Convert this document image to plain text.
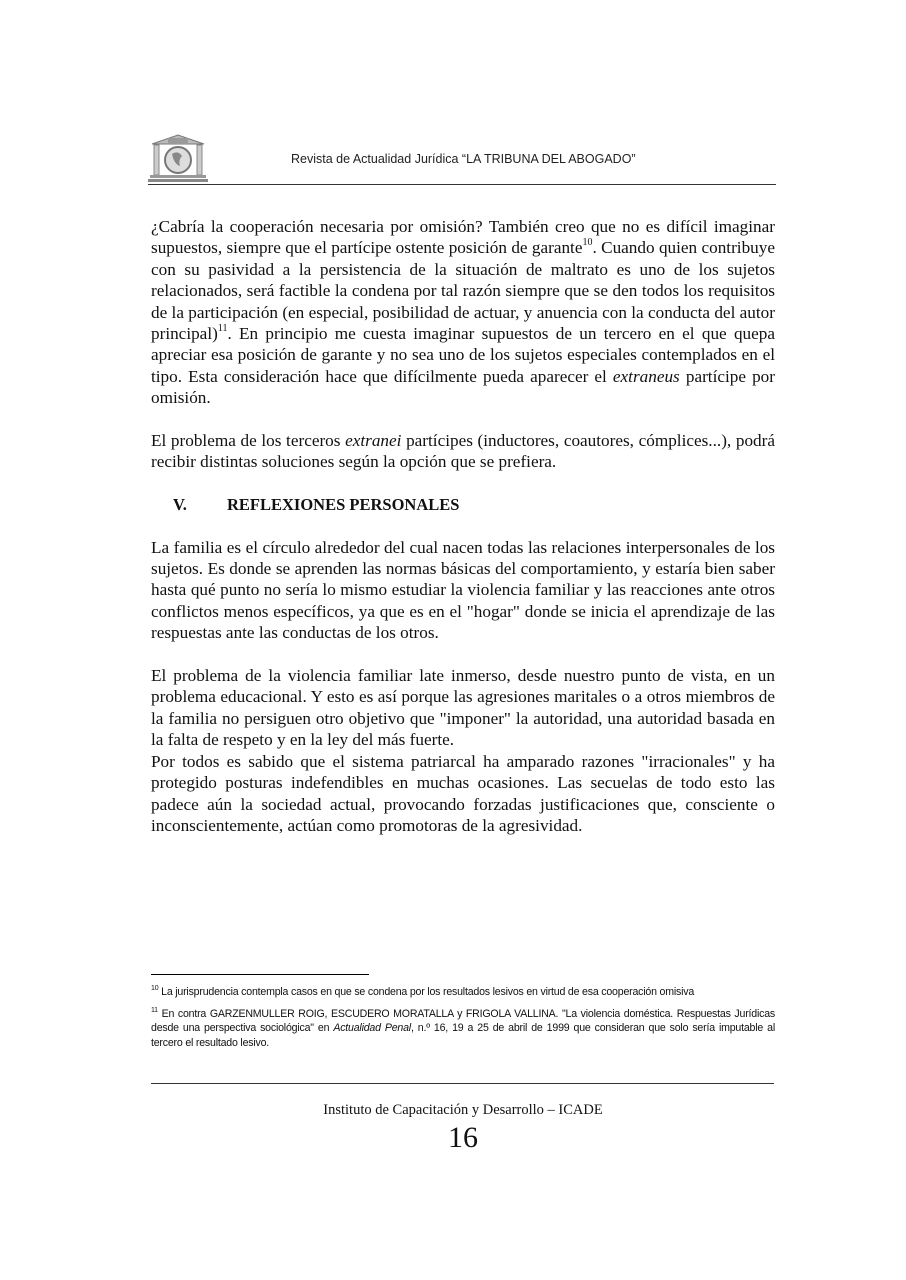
Revista de Actualidad Jurídica “LA TRIBUNA DEL ABOGADO”

¿Cabría la cooperación necesaria por omisión? También creo que no es difícil imaginar supuestos, siempre que el partícipe ostente posición de garante$^{10}$. Cuando quien contribuye con su pasividad a la persistencia de la situación de maltrato es uno de los sujetos relacionados, será factible la condena por tal razón siempre que se den todos los requisitos de la participación (en especial, posibilidad de actuar, y anuencia con la conducta del autor principal)$^{11}$. En principio me cuesta imaginar supuestos de un tercero en el que quepa apreciar esa posición de garante y no sea uno de los sujetos especiales contemplados en el tipo. Esta consideración hace que difícilmente pueda aparecer el extraneus partícipe por omisión.

El problema de los terceros extranei partícipes (inductores, coautores, cómplices...), podrá recibir distintas soluciones según la opción que se prefiera.

V. REFLEXIONES PERSONALES

La familia es el círculo alrededor del cual nacen todas las relaciones interpersonales de los sujetos. Es donde se aprenden las normas básicas del comportamiento, y estaría bien saber hasta qué punto no sería lo mismo estudiar la violencia familiar y las reacciones ante otros conflictos menos específicos, ya que es en el "hogar" donde se inicia el aprendizaje de las respuestas ante las conductas de los otros.

El problema de la violencia familiar late inmerso, desde nuestro punto de vista, en un problema educacional. Y esto es así porque las agresiones maritales o a otros miembros de la familia no persiguen otro objetivo que "imponer" la autoridad, una autoridad basada en la falta de respeto y en la ley del más fuerte.

Por todos es sabido que el sistema patriarcal ha amparado razones "irracionales" y ha protegido posturas indefendibles en muchas ocasiones. Las secuelas de todo esto las padece aún la sociedad actual, provocando forzadas justificaciones que, consciente o inconscientemente, actúan como promotoras de la agresividad.

$^{10}$ La jurisprudencia contempla casos en que se condena por los resultados lesivos en virtud de esa cooperación omisiva

$^{11}$ En contra GARZENMULLER ROIG, ESCUDERO MORATALLA y FRIGOLA VALLINA. "La violencia doméstica. Respuestas Jurídicas desde una perspectiva sociológica" en Actualidad Penal, n.º 16, 19 a 25 de abril de 1999 que consideran que solo sería imputable al tercero el resultado lesivo.

Instituto de Capacitación y Desarrollo – ICADE
16
